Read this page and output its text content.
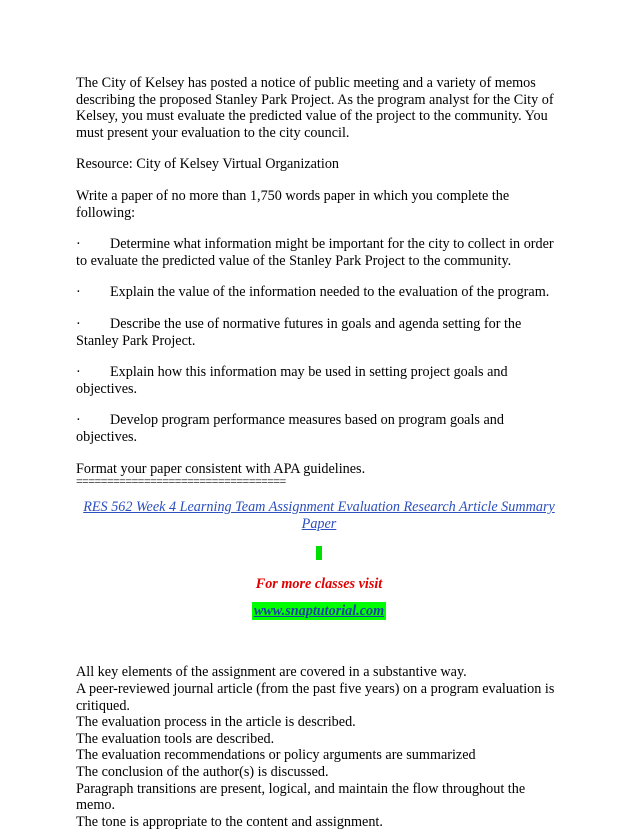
The City of Kelsey has posted a notice of public meeting and a variety of memos describing the proposed Stanley Park Project. As the program analyst for the City of Kelsey, you must evaluate the predicted value of the project to the community. You must present your evaluation to the city council.

Resource: City of Kelsey Virtual Organization

Write a paper of no more than 1,750 words paper in which you complete the following:

· Determine what information might be important for the city to collect in order to evaluate the predicted value of the Stanley Park Project to the community.
· Explain the value of the information needed to the evaluation of the program.
· Describe the use of normative futures in goals and agenda setting for the Stanley Park Project.
· Explain how this information may be used in setting project goals and objectives.
· Develop program performance measures based on program goals and objectives.

Format your paper consistent with APA guidelines.

==================================
RES 562 Week 4 Learning Team Assignment Evaluation Research Article Summary Paper
For more classes visit
www.snaptutorial.com

All key elements of the assignment are covered in a substantive way.

A peer-reviewed journal article (from the past five years) on a program evaluation is critiqued.

The evaluation process in the article is described.

The evaluation tools are described.

The evaluation recommendations or policy arguments are summarized

The conclusion of the author(s) is discussed.

Paragraph transitions are present, logical, and maintain the flow throughout the memo.

The tone is appropriate to the content and assignment.
